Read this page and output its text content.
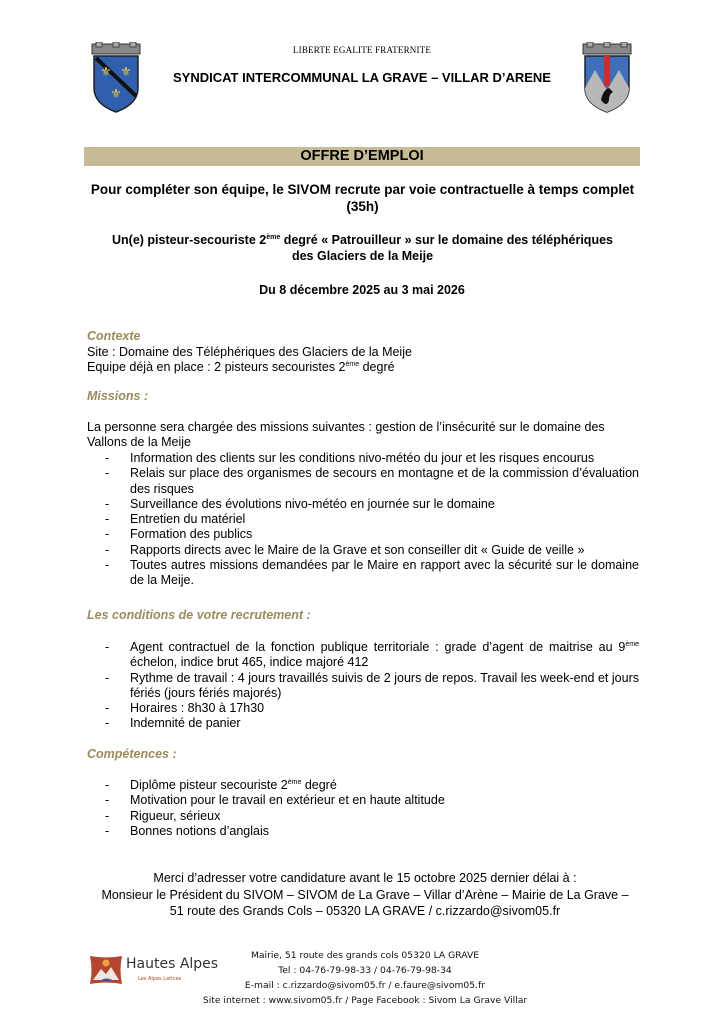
⚜ ⚜
⚜
LIBERTE EGALITE FRATERNITE
SYNDICAT INTERCOMMUNAL LA GRAVE – VILLAR D’ARENE
OFFRE D’EMPLOI
Pour compléter son équipe, le SIVOM recrute par voie contractuelle à temps complet (35h)
Un(e) pisteur-secouriste 2ème degré « Patrouilleur » sur le domaine des téléphériques des Glaciers de la Meije
Du 8 décembre 2025 au 3 mai 2026
Contexte
Site : Domaine des Téléphériques des Glaciers de la Meije
Equipe déjà en place : 2 pisteurs secouristes 2ème degré
Missions :
La personne sera chargée des missions suivantes : gestion de l’insécurité sur le domaine des Vallons de la Meije
- Information des clients sur les conditions nivo-météo du jour et les risques encourus
- Relais sur place des organismes de secours en montagne et de la commission d’évaluation des risques
- Surveillance des évolutions nivo-météo en journée sur le domaine
- Entretien du matériel
- Formation des publics
- Rapports directs avec le Maire de la Grave et son conseiller dit « Guide de veille »
- Toutes autres missions demandées par le Maire en rapport avec la sécurité sur le domaine de la Meije.
Les conditions de votre recrutement :
- Agent contractuel de la fonction publique territoriale : grade d’agent de maitrise au 9ème échelon, indice brut 465, indice majoré 412
- Rythme de travail : 4 jours travaillés suivis de 2 jours de repos. Travail les week-end et jours fériés (jours fériés majorés)
- Horaires : 8h30 à 17h30
- Indemnité de panier
Compétences :
- Diplôme pisteur secouriste 2ème degré
- Motivation pour le travail en extérieur et en haute altitude
- Rigueur, sérieux
- Bonnes notions d’anglais
Merci d’adresser votre candidature avant le 15 octobre 2025 dernier délai à :
Monsieur le Président du SIVOM – SIVOM de La Grave – Villar d’Arène – Mairie de La Grave – 51 route des Grands Cols – 05320 LA GRAVE / c.rizzardo@sivom05.fr
Hautes Alpes
Les Alpes Latines
Mairie, 51 route des grands cols 05320 LA GRAVE
Tel : 04-76-79-98-33 / 04-76-79-98-34
E-mail : c.rizzardo@sivom05.fr / e.faure@sivom05.fr
Site internet : www.sivom05.fr / Page Facebook : Sivom La Grave Villar
